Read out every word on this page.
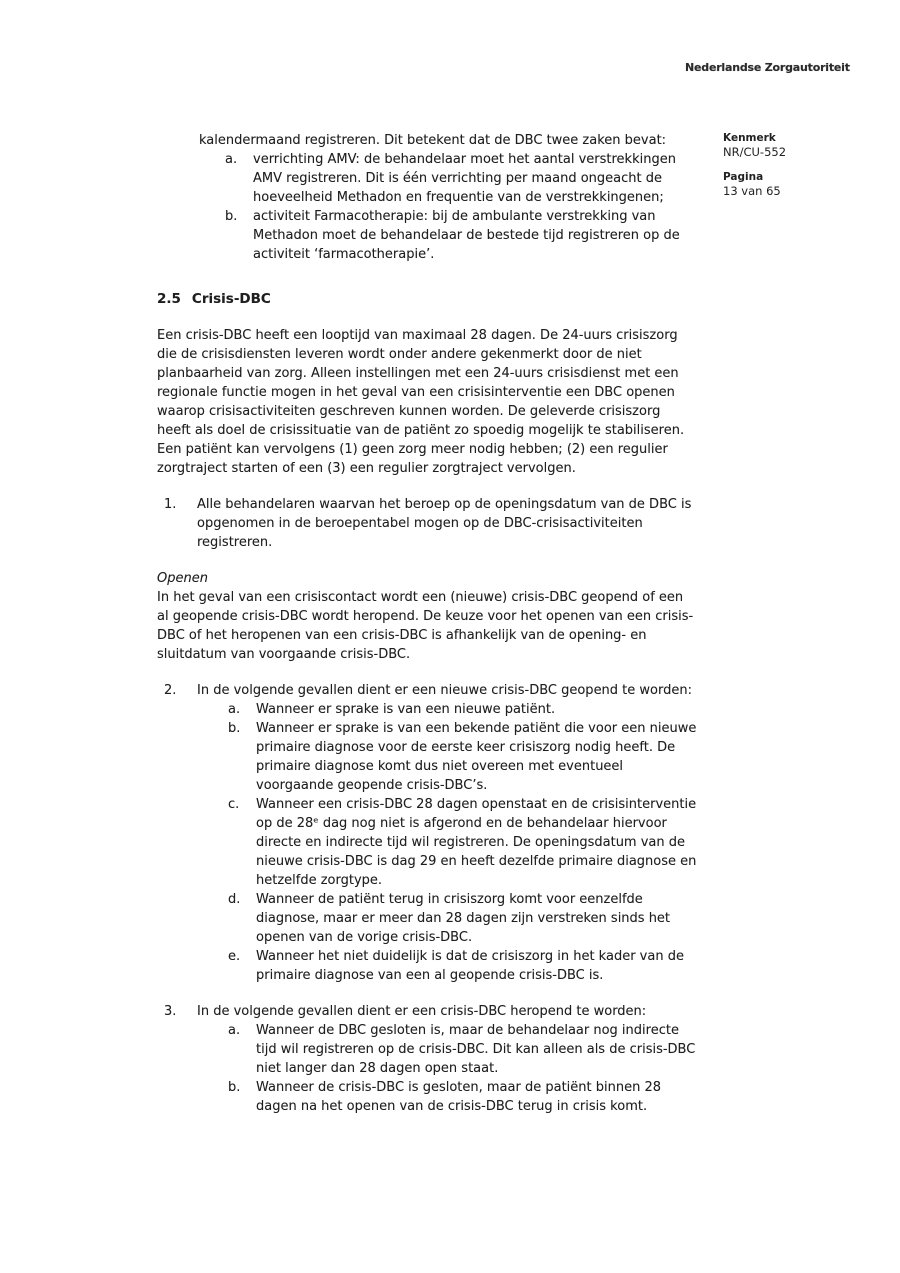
Nederlandse Zorgautoriteit
Kenmerk
NR/CU-552
Pagina
13 van 65

kalendermaand registreren. Dit betekent dat de DBC twee zaken bevat:

a.	verrichting AMV: de behandelaar moet het aantal verstrekkingen AMV registreren. Dit is één verrichting per maand ongeacht de hoeveelheid Methadon en frequentie van de verstrekkingenen;
b.	activiteit Farmacotherapie: bij de ambulante verstrekking van Methadon moet de behandelaar de bestede tijd registreren op de activiteit ‘farmacotherapie’.
2.5 Crisis-DBC

Een crisis-DBC heeft een looptijd van maximaal 28 dagen. De 24-uurs crisiszorg die de crisisdiensten leveren wordt onder andere gekenmerkt door de niet planbaarheid van zorg. Alleen instellingen met een 24-uurs crisisdienst met een regionale functie mogen in het geval van een crisisinterventie een DBC openen waarop crisisactiviteiten geschreven kunnen worden. De geleverde crisiszorg heeft als doel de crisissituatie van de patiënt zo spoedig mogelijk te stabiliseren. Een patiënt kan vervolgens (1) geen zorg meer nodig hebben; (2) een regulier zorgtraject starten of een (3) een regulier zorgtraject vervolgen.

1.	Alle behandelaren waarvan het beroep op de openingsdatum van de DBC is opgenomen in de beroepentabel mogen op de DBC-crisisactiviteiten registreren.

Openen

In het geval van een crisiscontact wordt een (nieuwe) crisis-DBC geopend of een al geopende crisis-DBC wordt heropend. De keuze voor het openen van een crisis-DBC of het heropenen van een crisis-DBC is afhankelijk van de opening- en sluitdatum van voorgaande crisis-DBC.

2.	In de volgende gevallen dient er een nieuwe crisis-DBC geopend te worden:
a.	Wanneer er sprake is van een nieuwe patiënt.
b.	Wanneer er sprake is van een bekende patiënt die voor een nieuwe primaire diagnose voor de eerste keer crisiszorg nodig heeft. De primaire diagnose komt dus niet overeen met eventueel voorgaande geopende crisis-DBC’s.
c.	Wanneer een crisis-DBC 28 dagen openstaat en de crisisinterventie op de 28ᵉ dag nog niet is afgerond en de behandelaar hiervoor directe en indirecte tijd wil registreren. De openingsdatum van de nieuwe crisis-DBC is dag 29 en heeft dezelfde primaire diagnose en hetzelfde zorgtype.
d.	Wanneer de patiënt terug in crisiszorg komt voor eenzelfde diagnose, maar er meer dan 28 dagen zijn verstreken sinds het openen van de vorige crisis-DBC.
e.	Wanneer het niet duidelijk is dat de crisiszorg in het kader van de primaire diagnose van een al geopende crisis-DBC is.
3.	In de volgende gevallen dient er een crisis-DBC heropend te worden:
a.	Wanneer de DBC gesloten is, maar de behandelaar nog indirecte tijd wil registreren op de crisis-DBC. Dit kan alleen als de crisis-DBC niet langer dan 28 dagen open staat.
b.	Wanneer de crisis-DBC is gesloten, maar de patiënt binnen 28 dagen na het openen van de crisis-DBC terug in crisis komt.
